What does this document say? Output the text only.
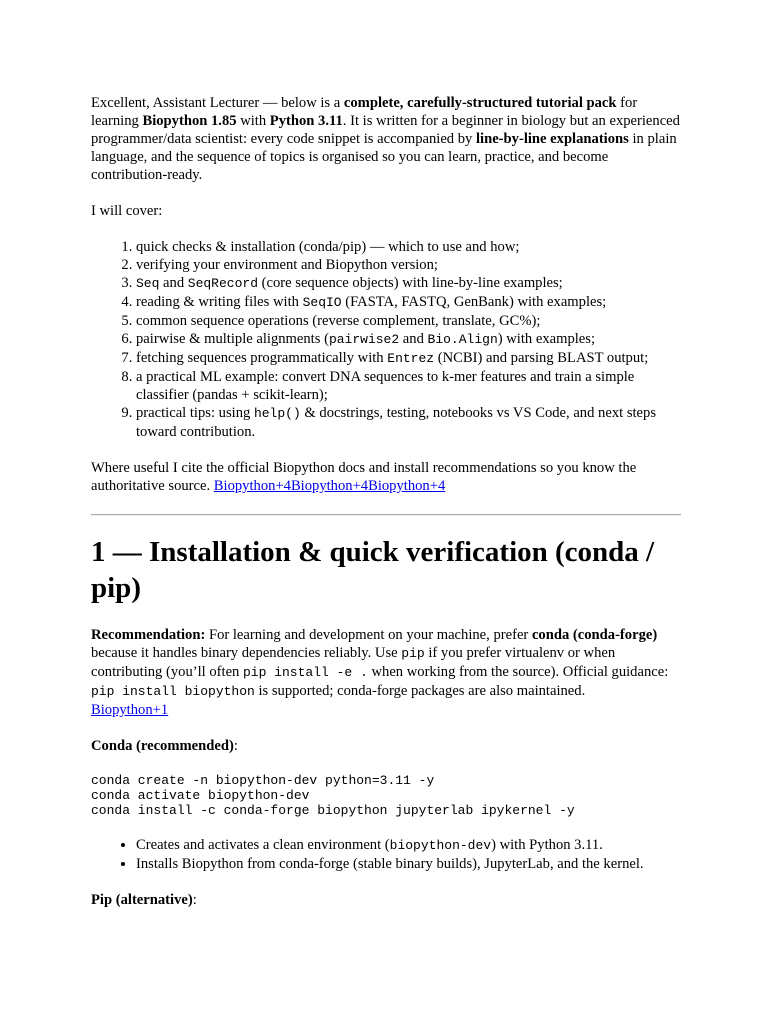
Excellent, Assistant Lecturer — below is a complete, carefully-structured tutorial pack for learning Biopython 1.85 with Python 3.11. It is written for a beginner in biology but an experienced programmer/data scientist: every code snippet is accompanied by line-by-line explanations in plain language, and the sequence of topics is organised so you can learn, practice, and become contribution-ready.

I will cover:

1. quick checks & installation (conda/pip) — which to use and how;
2. verifying your environment and Biopython version;
3. Seq and SeqRecord (core sequence objects) with line-by-line examples;
4. reading & writing files with SeqIO (FASTA, FASTQ, GenBank) with examples;
5. common sequence operations (reverse complement, translate, GC%);
6. pairwise & multiple alignments (pairwise2 and Bio.Align) with examples;
7. fetching sequences programmatically with Entrez (NCBI) and parsing BLAST output;
8. a practical ML example: convert DNA sequences to k-mer features and train a simple classifier (pandas + scikit-learn);
9. practical tips: using help() & docstrings, testing, notebooks vs VS Code, and next steps toward contribution.

Where useful I cite the official Biopython docs and install recommendations so you know the authoritative source. Biopython+4Biopython+4Biopython+4

1 — Installation & quick verification (conda / pip)

Recommendation: For learning and development on your machine, prefer conda (conda-forge) because it handles binary dependencies reliably. Use pip if you prefer virtualenv or when contributing (you’ll often pip install -e . when working from the source). Official guidance: pip install biopython is supported; conda-forge packages are also maintained.
Biopython+1

Conda (recommended):

conda create -n biopython-dev python=3.11 -y
conda activate biopython-dev
conda install -c conda-forge biopython jupyterlab ipykernel -y
• Creates and activates a clean environment (biopython-dev) with Python 3.11.
• Installs Biopython from conda-forge (stable binary builds), JupyterLab, and the kernel.

Pip (alternative):
